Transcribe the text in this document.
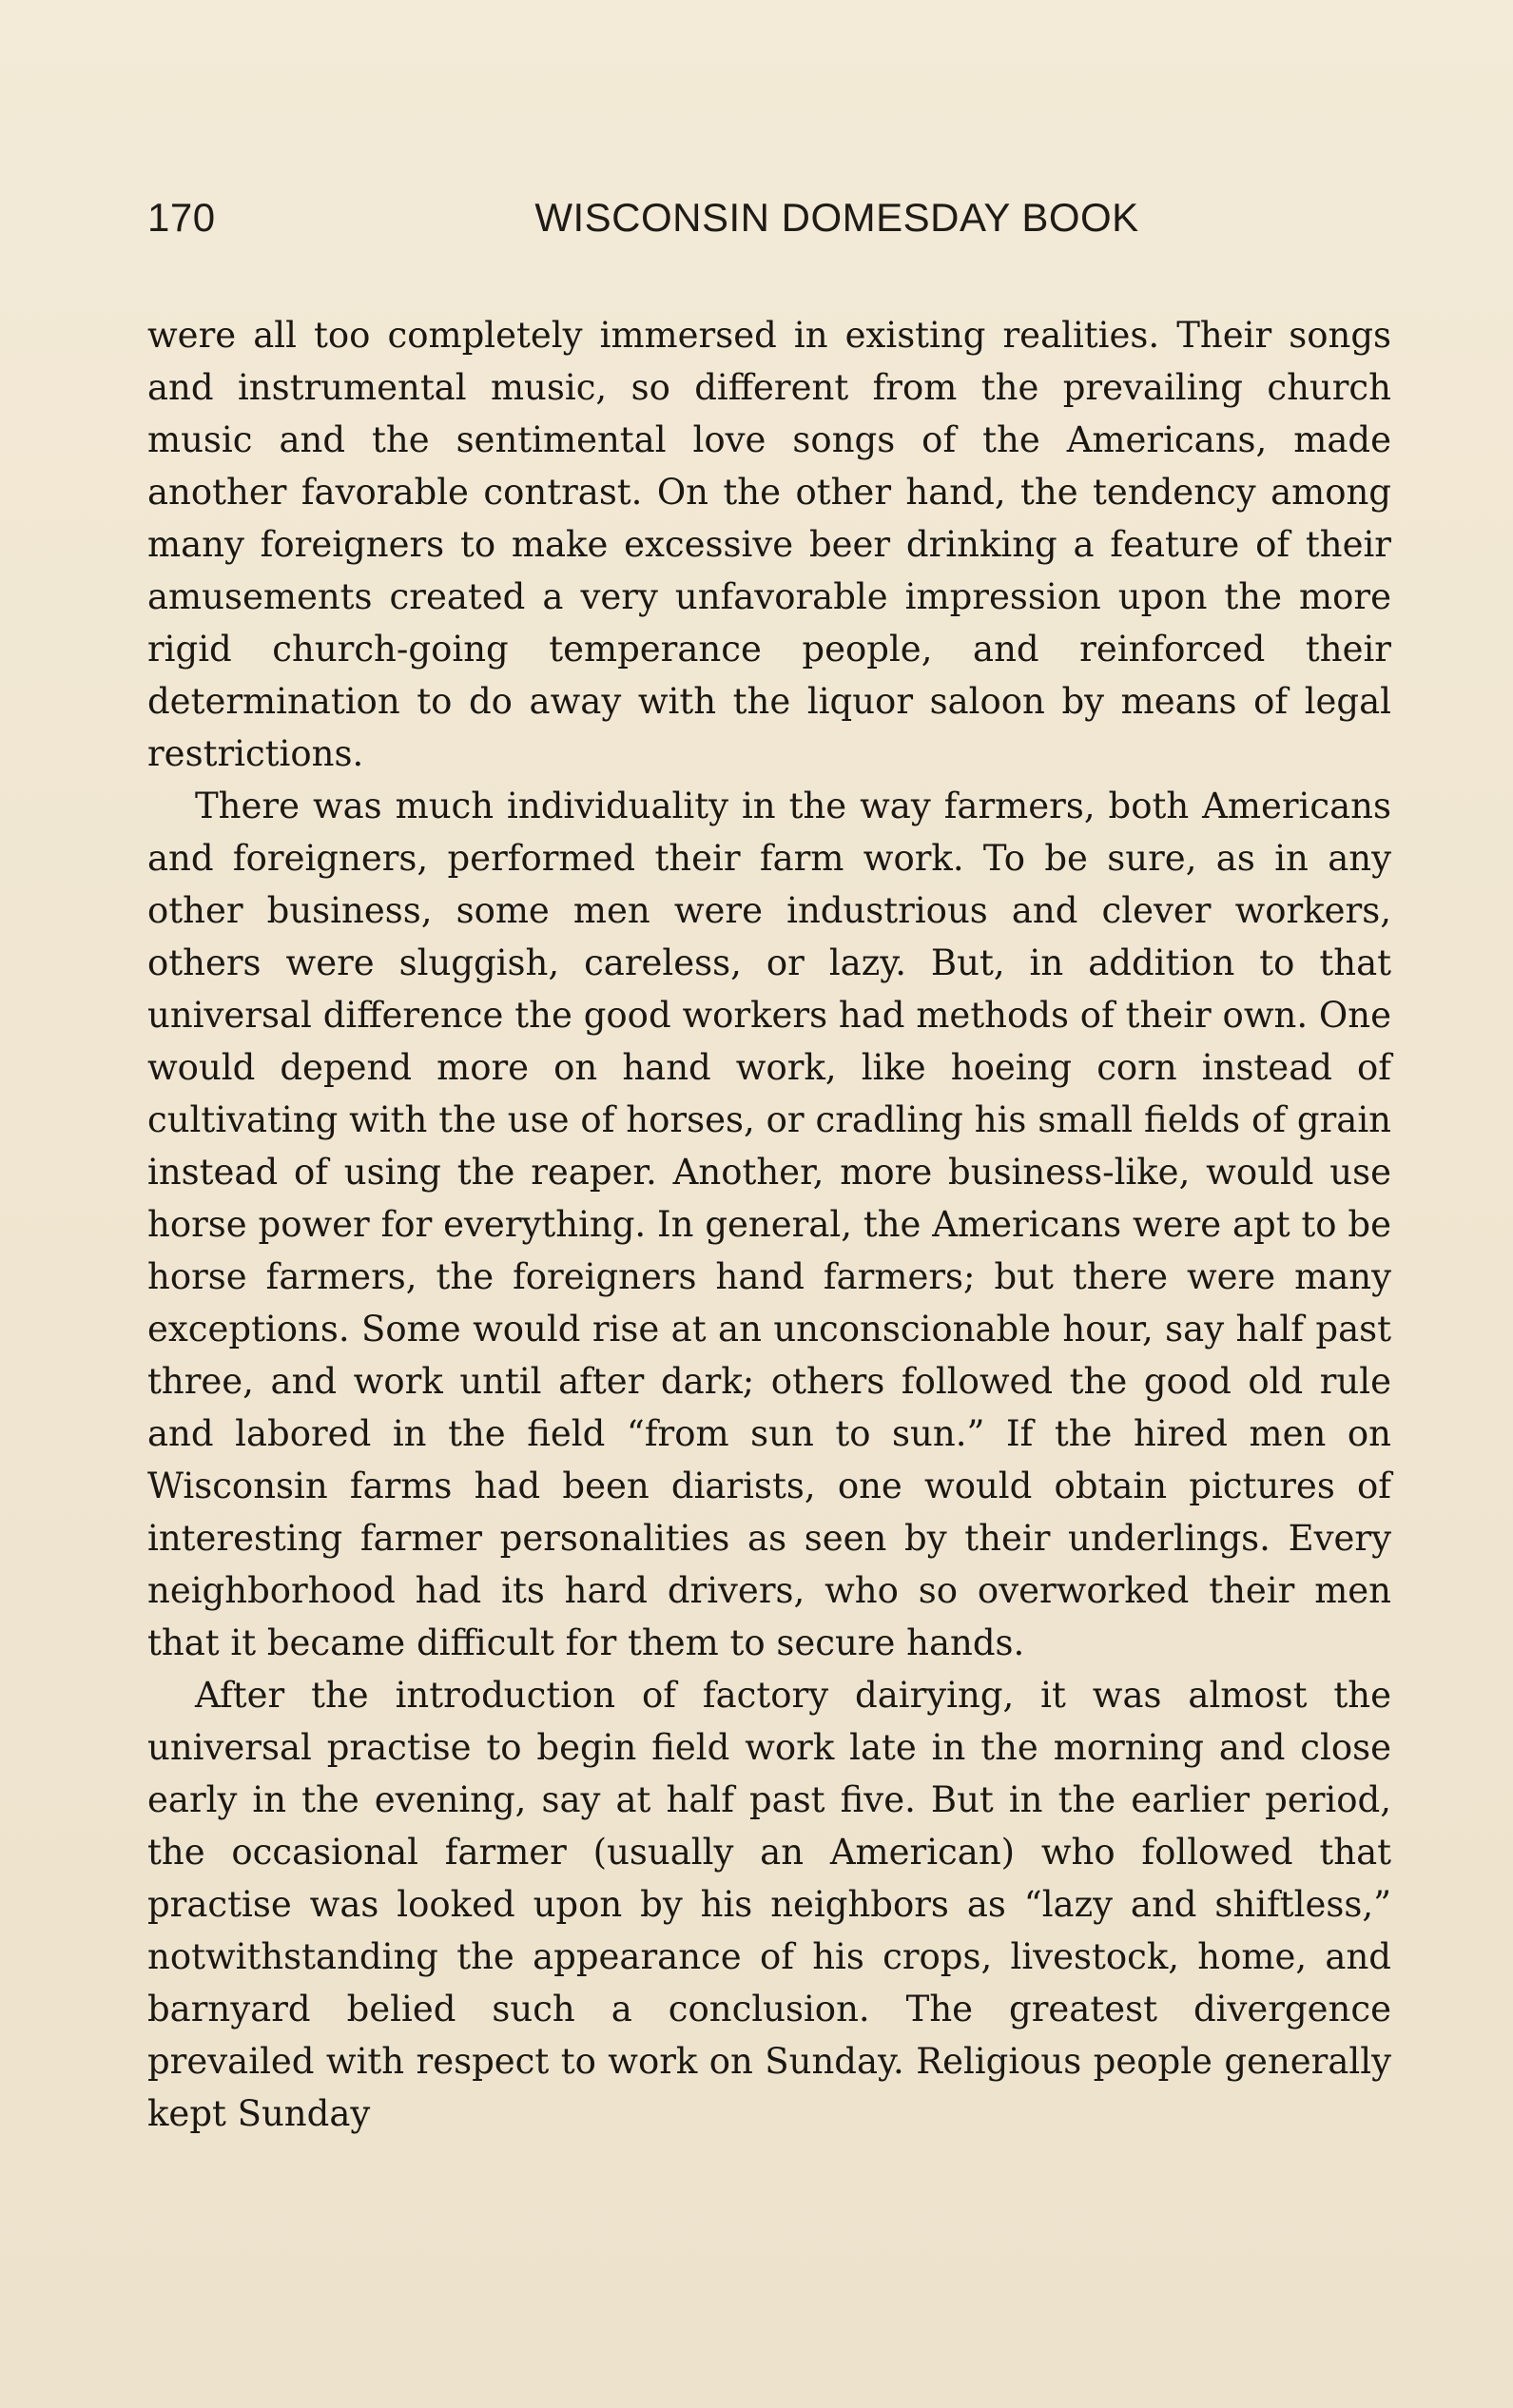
170	WISCONSIN DOMESDAY BOOK

were all too completely immersed in existing realities. Their songs and instrumental music, so different from the prevailing church music and the sentimental love songs of the Americans, made another favorable contrast. On the other hand, the tendency among many foreigners to make excessive beer drinking a feature of their amusements created a very unfavorable impression upon the more rigid church-going temperance people, and reinforced their determination to do away with the liquor saloon by means of legal restrictions.

There was much individuality in the way farmers, both Americans and foreigners, performed their farm work. To be sure, as in any other business, some men were industrious and clever workers, others were sluggish, careless, or lazy. But, in addition to that universal difference the good workers had methods of their own. One would depend more on hand work, like hoeing corn instead of cultivating with the use of horses, or cradling his small fields of grain instead of using the reaper. Another, more business-like, would use horse power for everything. In general, the Americans were apt to be horse farmers, the foreigners hand farmers; but there were many exceptions. Some would rise at an unconscionable hour, say half past three, and work until after dark; others followed the good old rule and labored in the field “from sun to sun.” If the hired men on Wisconsin farms had been diarists, one would obtain pictures of interesting farmer personalities as seen by their underlings. Every neighborhood had its hard drivers, who so overworked their men that it became difficult for them to secure hands.

After the introduction of factory dairying, it was almost the universal practise to begin field work late in the morning and close early in the evening, say at half past five. But in the earlier period, the occasional farmer (usually an American) who followed that practise was looked upon by his neighbors as “lazy and shiftless,” notwithstanding the appearance of his crops, livestock, home, and barnyard belied such a conclusion. The greatest divergence prevailed with respect to work on Sunday. Religious people generally kept Sunday
